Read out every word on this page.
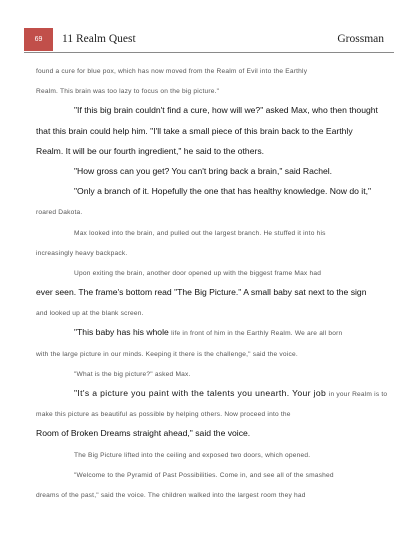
69	11 Realm Quest	Grossman
found a cure for blue pox, which has now moved from the Realm of Evil into the Earthly
Realm. This brain was too lazy to focus on the big picture."
"If this big brain couldn't find a cure, how will we?" asked Max, who then thought
that this brain could help him. "I'll take a small piece of this brain back to the Earthly
Realm. It will be our fourth ingredient," he said to the others.
"How gross can you get? You can't bring back a brain," said Rachel.
"Only a branch of it. Hopefully the one that has healthy knowledge. Now do it,"
roared Dakota.
Max looked into the brain, and pulled out the largest branch. He stuffed it into his
increasingly heavy backpack.
Upon exiting the brain, another door opened up with the biggest frame Max had
ever seen. The frame's bottom read "The Big Picture." A small baby sat next to the sign
and looked up at the blank screen.
"This baby has his whole life in front of him in the Earthly Realm. We are all born
with the large picture in our minds. Keeping it there is the challenge," said the voice.
"What is the big picture?" asked Max.
"It's a picture you paint with the talents you unearth. Your job in your Realm is to
make this picture as beautiful as possible by helping others. Now proceed into the
Room of Broken Dreams straight ahead," said the voice.
The Big Picture lifted into the ceiling and exposed two doors, which opened.
"Welcome to the Pyramid of Past Possibilities. Come in, and see all of the smashed
dreams of the past," said the voice. The children walked into the largest room they had
